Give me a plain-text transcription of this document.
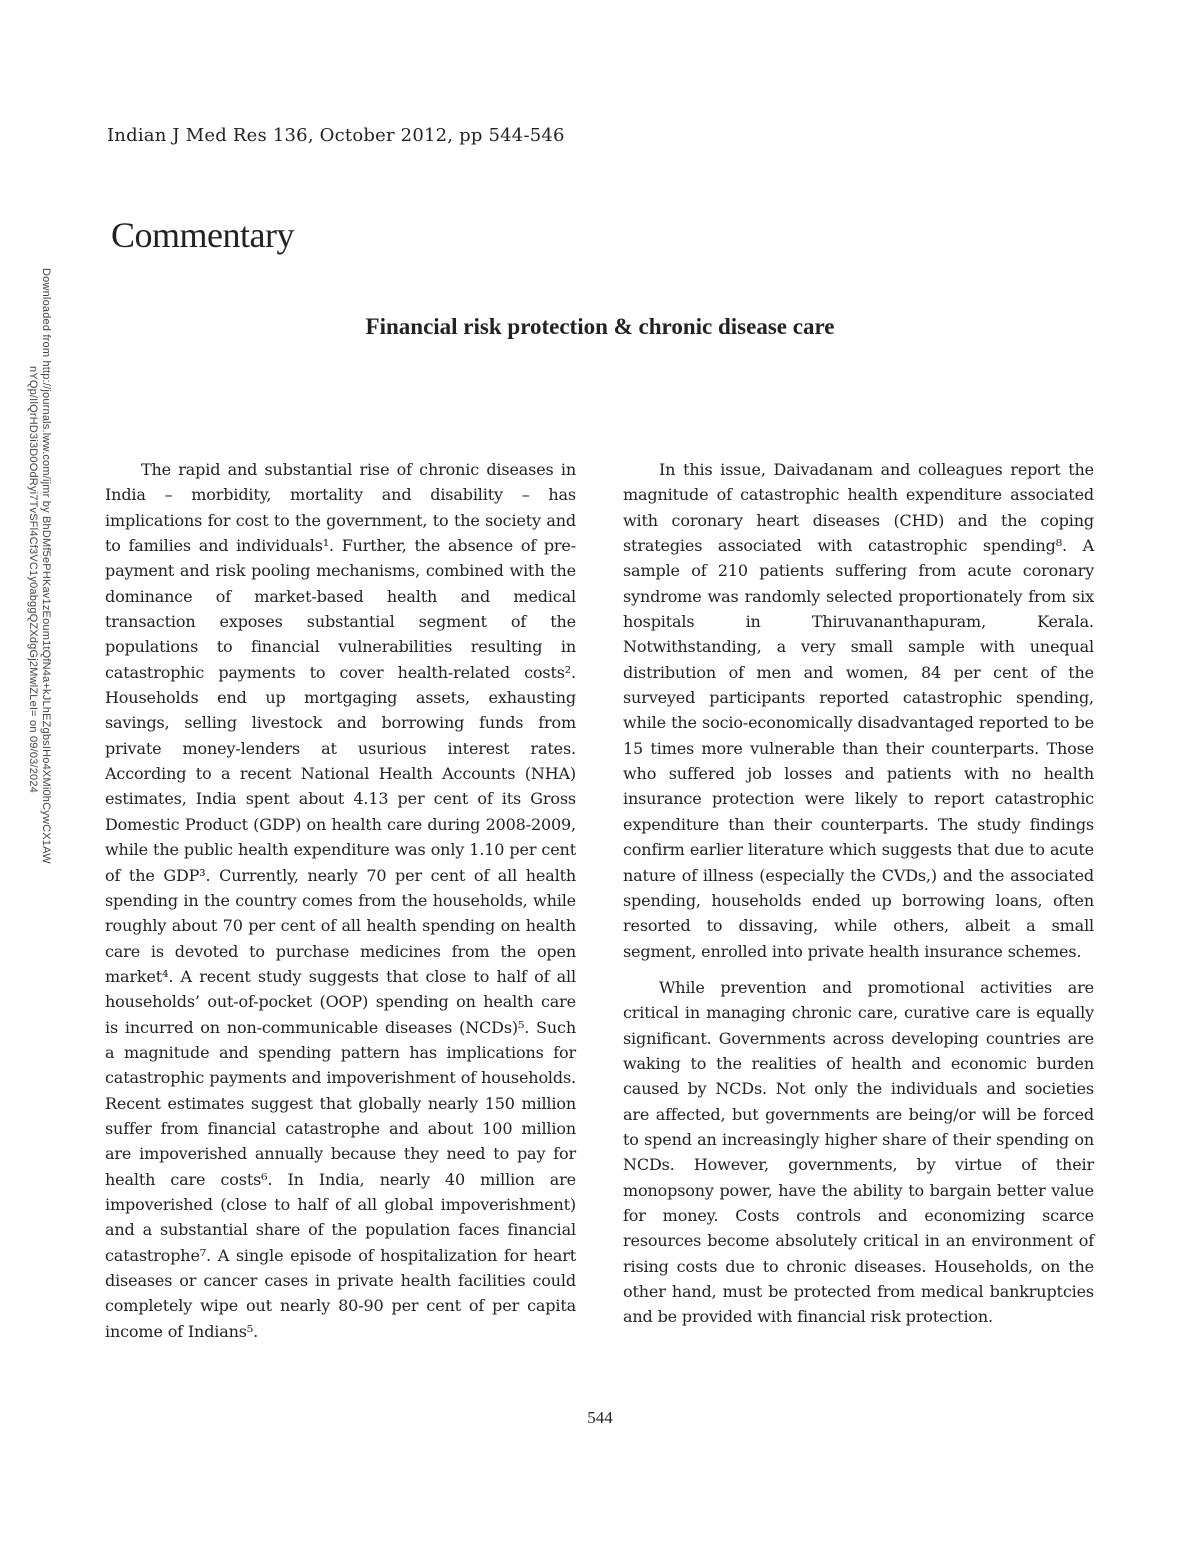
Indian J Med Res 136, October 2012, pp 544-546
Commentary
Downloaded from http://journals.lww.com/ijmr by BhDMf5ePHKav1zEoum1tQfN4a+kJLhEZgbsIHo4XMi0hCywCX1AW
nYQp/IlQrHD3i3D0OdRyi7TvSFl4Cf3VC1y0abggQZXdgGj2MwlZLeI= on 09/03/2024
Financial risk protection & chronic disease care

The rapid and substantial rise of chronic diseases in India – morbidity, mortality and disability – has implications for cost to the government, to the society and to families and individuals¹. Further, the absence of pre-payment and risk pooling mechanisms, combined with the dominance of market-based health and medical transaction exposes substantial segment of the populations to financial vulnerabilities resulting in catastrophic payments to cover health-related costs². Households end up mortgaging assets, exhausting savings, selling livestock and borrowing funds from private money-lenders at usurious interest rates. According to a recent National Health Accounts (NHA) estimates, India spent about 4.13 per cent of its Gross Domestic Product (GDP) on health care during 2008-2009, while the public health expenditure was only 1.10 per cent of the GDP³. Currently, nearly 70 per cent of all health spending in the country comes from the households, while roughly about 70 per cent of all health spending on health care is devoted to purchase medicines from the open market⁴. A recent study suggests that close to half of all households’ out-of-pocket (OOP) spending on health care is incurred on non-communicable diseases (NCDs)⁵. Such a magnitude and spending pattern has implications for catastrophic payments and impoverishment of households. Recent estimates suggest that globally nearly 150 million suffer from financial catastrophe and about 100 million are impoverished annually because they need to pay for health care costs⁶. In India, nearly 40 million are impoverished (close to half of all global impoverishment) and a substantial share of the population faces financial catastrophe⁷. A single episode of hospitalization for heart diseases or cancer cases in private health facilities could completely wipe out nearly 80-90 per cent of per capita income of Indians⁵.

In this issue, Daivadanam and colleagues report the magnitude of catastrophic health expenditure associated with coronary heart diseases (CHD) and the coping strategies associated with catastrophic spending⁸. A sample of 210 patients suffering from acute coronary syndrome was randomly selected proportionately from six hospitals in Thiruvananthapuram, Kerala. Notwithstanding, a very small sample with unequal distribution of men and women, 84 per cent of the surveyed participants reported catastrophic spending, while the socio-economically disadvantaged reported to be 15 times more vulnerable than their counterparts. Those who suffered job losses and patients with no health insurance protection were likely to report catastrophic expenditure than their counterparts. The study findings confirm earlier literature which suggests that due to acute nature of illness (especially the CVDs,) and the associated spending, households ended up borrowing loans, often resorted to dissaving, while others, albeit a small segment, enrolled into private health insurance schemes.

While prevention and promotional activities are critical in managing chronic care, curative care is equally significant. Governments across developing countries are waking to the realities of health and economic burden caused by NCDs. Not only the individuals and societies are affected, but governments are being/or will be forced to spend an increasingly higher share of their spending on NCDs. However, governments, by virtue of their monopsony power, have the ability to bargain better value for money. Costs controls and economizing scarce resources become absolutely critical in an environment of rising costs due to chronic diseases. Households, on the other hand, must be protected from medical bankruptcies and be provided with financial risk protection.

544
